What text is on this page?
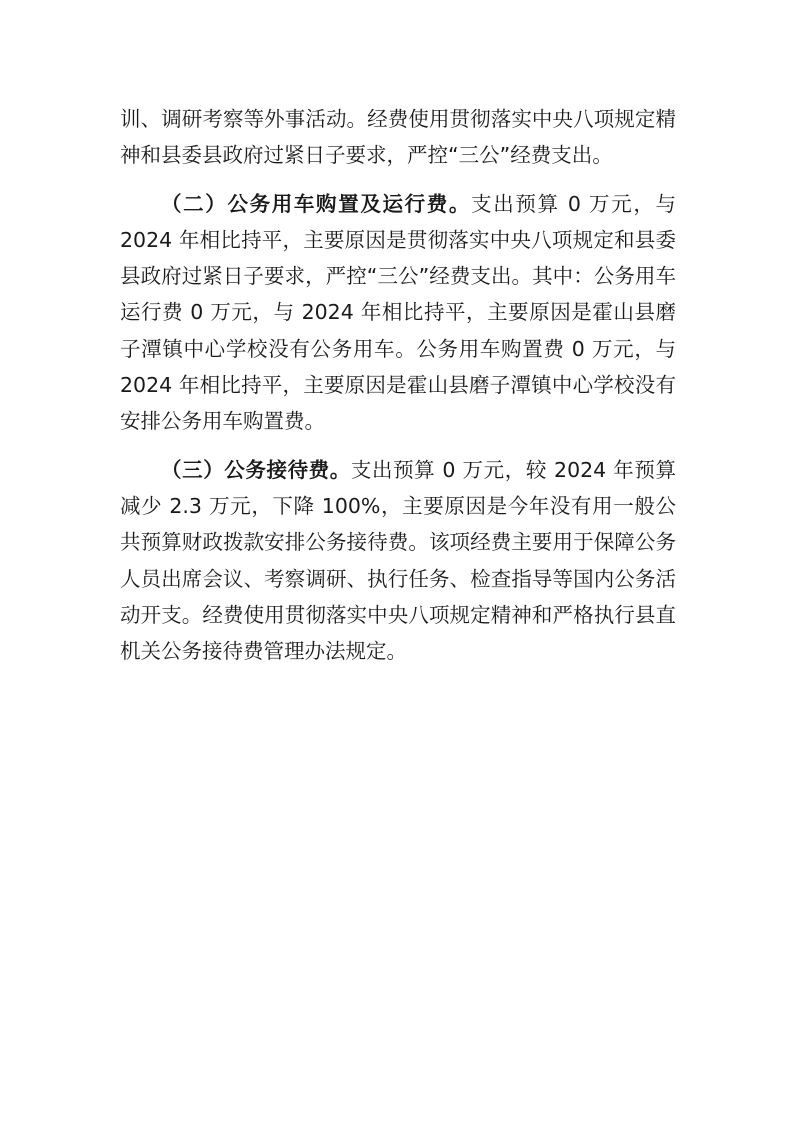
训、调研考察等外事活动。经费使用贯彻落实中央八项规定精神和县委县政府过紧日子要求，严控“三公”经费支出。

（二）公务用车购置及运行费。支出预算 0 万元，与 2024 年相比持平，主要原因是贯彻落实中央八项规定和县委县政府过紧日子要求，严控“三公”经费支出。其中：公务用车运行费 0 万元，与 2024 年相比持平，主要原因是霍山县磨子潭镇中心学校没有公务用车。公务用车购置费 0 万元，与 2024 年相比持平，主要原因是霍山县磨子潭镇中心学校没有安排公务用车购置费。

（三）公务接待费。支出预算 0 万元，较 2024 年预算减少 2.3 万元，下降 100%，主要原因是今年没有用一般公共预算财政拨款安排公务接待费。该项经费主要用于保障公务人员出席会议、考察调研、执行任务、检查指导等国内公务活动开支。经费使用贯彻落实中央八项规定精神和严格执行县直机关公务接待费管理办法规定。
